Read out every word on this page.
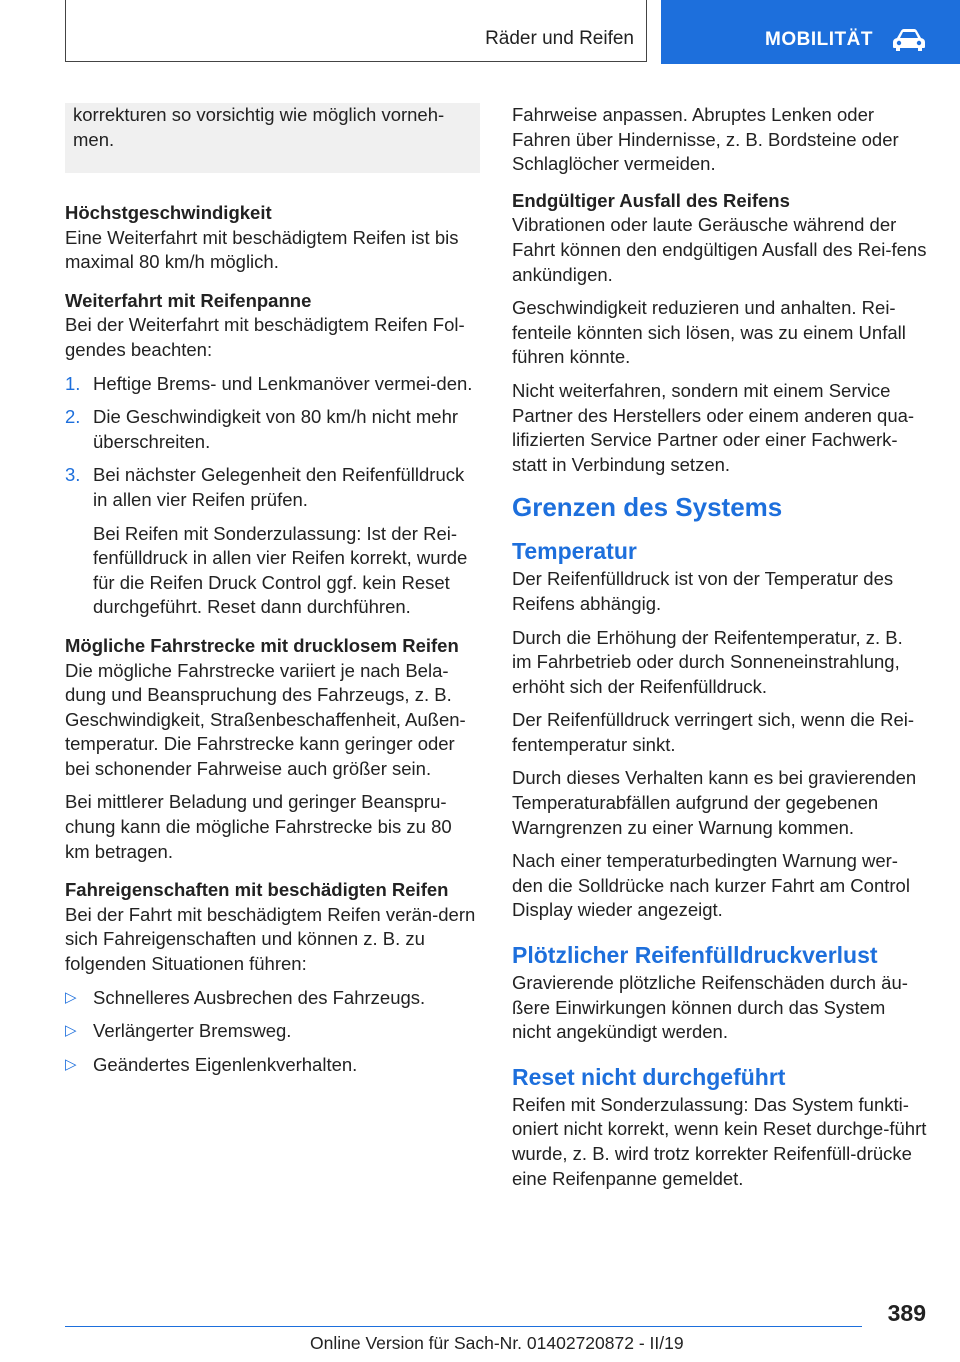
Räder und Reifen	MOBILITÄT
korrekturen so vorsichtig wie möglich vorneh-men.
Höchstgeschwindigkeit

Eine Weiterfahrt mit beschädigtem Reifen ist bis maximal 80 km/h möglich.

Weiterfahrt mit Reifenpanne

Bei der Weiterfahrt mit beschädigtem Reifen Fol-gendes beachten:

1. Heftige Brems- und Lenkmanöver vermei-den.
2. Die Geschwindigkeit von 80 km/h nicht mehr überschreiten.
3. Bei nächster Gelegenheit den Reifenfülldruck in allen vier Reifen prüfen.
Bei Reifen mit Sonderzulassung: Ist der Rei-fenfülldruck in allen vier Reifen korrekt, wurde für die Reifen Druck Control ggf. kein Reset durchgeführt. Reset dann durchführen.
Mögliche Fahrstrecke mit drucklosem Reifen

Die mögliche Fahrstrecke variiert je nach Bela-dung und Beanspruchung des Fahrzeugs, z. B. Geschwindigkeit, Straßenbeschaffenheit, Außen-temperatur. Die Fahrstrecke kann geringer oder bei schonender Fahrweise auch größer sein.

Bei mittlerer Beladung und geringer Beanspru-chung kann die mögliche Fahrstrecke bis zu 80 km betragen.

Fahreigenschaften mit beschädigten Reifen

Bei der Fahrt mit beschädigtem Reifen verän-dern sich Fahreigenschaften und können z. B. zu folgenden Situationen führen:

▷ Schnelleres Ausbrechen des Fahrzeugs.
▷ Verlängerter Bremsweg.
▷ Geändertes Eigenlenkverhalten.

Fahrweise anpassen. Abruptes Lenken oder Fahren über Hindernisse, z. B. Bordsteine oder Schlaglöcher vermeiden.

Endgültiger Ausfall des Reifens

Vibrationen oder laute Geräusche während der Fahrt können den endgültigen Ausfall des Rei-fens ankündigen.

Geschwindigkeit reduzieren und anhalten. Rei-fenteile könnten sich lösen, was zu einem Unfall führen könnte.

Nicht weiterfahren, sondern mit einem Service Partner des Herstellers oder einem anderen qua-lifizierten Service Partner oder einer Fachwerk-statt in Verbindung setzen.

Grenzen des Systems
Temperatur

Der Reifenfülldruck ist von der Temperatur des Reifens abhängig.

Durch die Erhöhung der Reifentemperatur, z. B. im Fahrbetrieb oder durch Sonneneinstrahlung, erhöht sich der Reifenfülldruck.

Der Reifenfülldruck verringert sich, wenn die Rei-fentemperatur sinkt.

Durch dieses Verhalten kann es bei gravierenden Temperaturabfällen aufgrund der gegebenen Warngrenzen zu einer Warnung kommen.

Nach einer temperaturbedingten Warnung wer-den die Solldrücke nach kurzer Fahrt am Control Display wieder angezeigt.

Plötzlicher Reifenfülldruckverlust

Gravierende plötzliche Reifenschäden durch äu-ßere Einwirkungen können durch das System nicht angekündigt werden.

Reset nicht durchgeführt

Reifen mit Sonderzulassung: Das System funkti-oniert nicht korrekt, wenn kein Reset durchge-führt wurde, z. B. wird trotz korrekter Reifenfüll-drücke eine Reifenpanne gemeldet.

389
Online Version für Sach-Nr. 01402720872 - II/19
